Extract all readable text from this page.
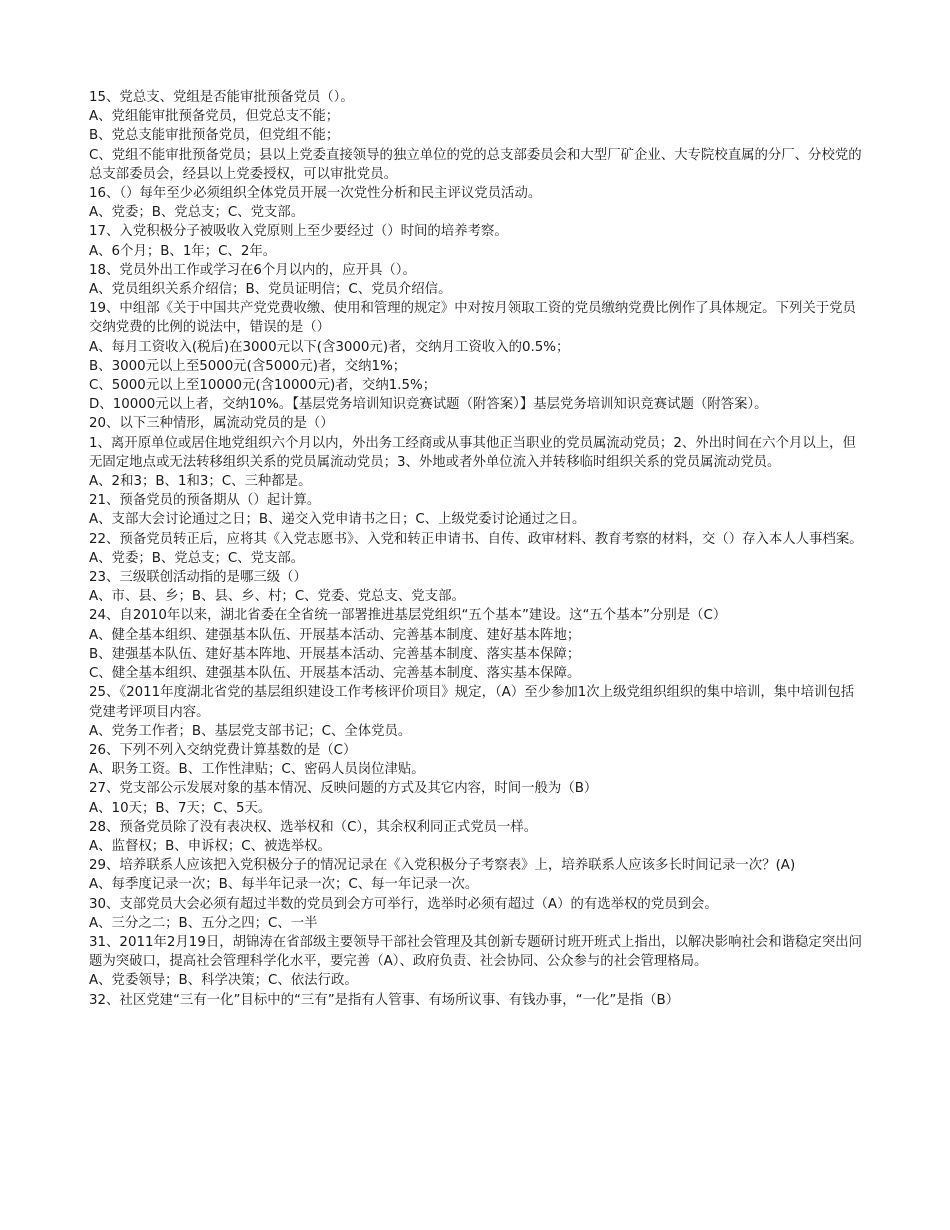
15、党总支、党组是否能审批预备党员（）。

A、党组能审批预备党员，但党总支不能；

B、党总支能审批预备党员，但党组不能；

C、党组不能审批预备党员；县以上党委直接领导的独立单位的党的总支部委员会和大型厂矿企业、大专院校直属的分厂、分校党的总支部委员会，经县以上党委授权，可以审批党员。

16、（）每年至少必须组织全体党员开展一次党性分析和民主评议党员活动。

A、党委；B、党总支；C、党支部。

17、入党积极分子被吸收入党原则上至少要经过（）时间的培养考察。

A、6个月；B、1年；C、2年。

18、党员外出工作或学习在6个月以内的，应开具（）。

A、党员组织关系介绍信；B、党员证明信；C、党员介绍信。

19、中组部《关于中国共产党党费收缴、使用和管理的规定》中对按月领取工资的党员缴纳党费比例作了具体规定。下列关于党员交纳党费的比例的说法中，错误的是（）

A、每月工资收入(税后)在3000元以下(含3000元)者，交纳月工资收入的0.5%；

B、3000元以上至5000元(含5000元)者，交纳1%；

C、5000元以上至10000元(含10000元)者，交纳1.5%；

D、10000元以上者，交纳10%。【基层党务培训知识竞赛试题（附答案）】基层党务培训知识竞赛试题（附答案）。

20、以下三种情形，属流动党员的是（）

1、离开原单位或居住地党组织六个月以内，外出务工经商或从事其他正当职业的党员属流动党员；2、外出时间在六个月以上，但无固定地点或无法转移组织关系的党员属流动党员；3、外地或者外单位流入并转移临时组织关系的党员属流动党员。

A、2和3；B、1和3；C、三种都是。

21、预备党员的预备期从（）起计算。

A、支部大会讨论通过之日；B、递交入党申请书之日；C、上级党委讨论通过之日。

22、预备党员转正后，应将其《入党志愿书》、入党和转正申请书、自传、政审材料、教育考察的材料，交（）存入本人人事档案。

A、党委；B、党总支；C、党支部。

23、三级联创活动指的是哪三级（）

A、市、县、乡；B、县、乡、村；C、党委、党总支、党支部。

24、自2010年以来，湖北省委在全省统一部署推进基层党组织“五个基本”建设。这“五个基本”分别是（C）

A、健全基本组织、建强基本队伍、开展基本活动、完善基本制度、建好基本阵地；

B、建强基本队伍、建好基本阵地、开展基本活动、完善基本制度、落实基本保障；

C、健全基本组织、建强基本队伍、开展基本活动、完善基本制度、落实基本保障。

25、《2011年度湖北省党的基层组织建设工作考核评价项目》规定，（A）至少参加1次上级党组织组织的集中培训，集中培训包括党建考评项目内容。

A、党务工作者；B、基层党支部书记；C、全体党员。

26、下列不列入交纳党费计算基数的是（C）

A、职务工资。B、工作性津贴；C、密码人员岗位津贴。

27、党支部公示发展对象的基本情况、反映问题的方式及其它内容，时间一般为（B）

A、10天；B、7天；C、5天。

28、预备党员除了没有表决权、选举权和（C），其余权利同正式党员一样。

A、监督权；B、申诉权；C、被选举权。

29、培养联系人应该把入党积极分子的情况记录在《入党积极分子考察表》上，培养联系人应该多长时间记录一次？(A)

A、每季度记录一次；B、每半年记录一次；C、每一年记录一次。

30、支部党员大会必须有超过半数的党员到会方可举行，选举时必须有超过（A）的有选举权的党员到会。

A、三分之二；B、五分之四；C、一半

31、2011年2月19日，胡锦涛在省部级主要领导干部社会管理及其创新专题研讨班开班式上指出，以解决影响社会和谐稳定突出问题为突破口，提高社会管理科学化水平，要完善（A）、政府负责、社会协同、公众参与的社会管理格局。

A、党委领导；B、科学决策；C、依法行政。

32、社区党建“三有一化”目标中的“三有”是指有人管事、有场所议事、有钱办事，“一化”是指（B）
